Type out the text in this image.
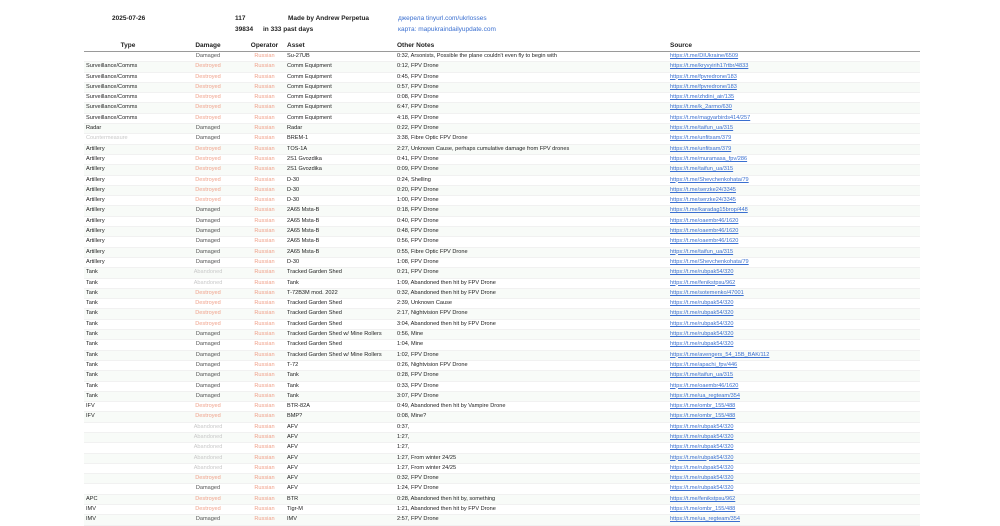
2025-07-26	117
39834 in 333 past days
Made by Andrew Perpetua	джерела tinyurl.com/ukrlosses
карта: mapukraindailyupdate.com
Type	Damage	Operator	Asset	Other Notes	Source
	Damaged	Russian	Su-27UB	0:32, Arsonists, Possible the plane couldn't even fly to begin with	https://t.me/DIUkraine/6509
Surveillance/Comms	Destroyed	Russian	Comm Equipment	0:12, FPV Drone	https://t.me/kryvyirih17rtbr/4833
Surveillance/Comms	Destroyed	Russian	Comm Equipment	0:45, FPV Drone	https://t.me/fpvredrone/183
Surveillance/Comms	Destroyed	Russian	Comm Equipment	0:57, FPV Drone	https://t.me/fpvredrone/183
Surveillance/Comms	Destroyed	Russian	Comm Equipment	0:08, FPV Drone	https://t.me/zhdini_air/135
Surveillance/Comms	Destroyed	Russian	Comm Equipment	6:47, FPV Drone	https://t.me/k_2armo/630
Surveillance/Comms	Destroyed	Russian	Comm Equipment	4:18, FPV Drone	https://t.me/magyarbirds414/257
Radar	Damaged	Russian	Radar	0:22, FPV Drone	https://t.me/taifun_ua/315
Countermeasure	Damaged	Russian	BREM-1	3:38, Fibre Optic FPV Drone	https://t.me/unfitsam/379
Artillery	Destroyed	Russian	TOS-1A	2:27, Unknown Cause, perhaps cumulative damage from FPV drones	https://t.me/unfitsam/379
Artillery	Destroyed	Russian	2S1 Gvozdika	0:41, FPV Drone	https://t.me/muramasa_fpv/286
Artillery	Destroyed	Russian	2S1 Gvozdika	0:09, FPV Drone	https://t.me/taifun_ua/315
Artillery	Destroyed	Russian	D-30	0:24, Shelling	https://t.me/Shevchenkohata/79
Artillery	Destroyed	Russian	D-30	0:20, FPV Drone	https://t.me/serzke24/3345
Artillery	Destroyed	Russian	D-30	1:00, FPV Drone	https://t.me/serzke24/3345
Artillery	Damaged	Russian	2A65 Msta-B	0:18, FPV Drone	https://t.me/karadag15brop/448
Artillery	Damaged	Russian	2A65 Msta-B	0:40, FPV Drone	https://t.me/oaembr46/1620
Artillery	Damaged	Russian	2A65 Msta-B	0:48, FPV Drone	https://t.me/oaembr46/1620
Artillery	Damaged	Russian	2A65 Msta-B	0:56, FPV Drone	https://t.me/oaembr46/1620
Artillery	Damaged	Russian	2A65 Msta-B	0:55, Fibre Optic FPV Drone	https://t.me/taifun_ua/315
Artillery	Damaged	Russian	D-30	1:08, FPV Drone	https://t.me/Shevchenkohata/79
Tank	Abandoned	Russian	Tracked Garden Shed	0:21, FPV Drone	https://t.me/rubpak54/320
Tank	Abandoned	Russian	Tank	1:09, Abandoned then hit by FPV Drone	https://t.me/fenikstpsu/962
Tank	Destroyed	Russian	T-72B3M mod. 2022	0:32, Abandoned then hit by FPV Drone	https://t.me/sotemenko/47001
Tank	Destroyed	Russian	Tracked Garden Shed	2:39, Unknown Cause	https://t.me/rubpak54/320
Tank	Destroyed	Russian	Tracked Garden Shed	2:17, Nightvision FPV Drone	https://t.me/rubpak54/320
Tank	Destroyed	Russian	Tracked Garden Shed	3:04, Abandoned then hit by FPV Drone	https://t.me/rubpak54/320
Tank	Damaged	Russian	Tracked Garden Shed w/ Mine Rollers	0:56, Mine	https://t.me/rubpak54/320
Tank	Damaged	Russian	Tracked Garden Shed	1:04, Mine	https://t.me/rubpak54/320
Tank	Damaged	Russian	Tracked Garden Shed w/ Mine Rollers	1:02, FPV Drone	https://t.me/avengers_54_15B_BAK/112
Tank	Damaged	Russian	T-72	0:26, Nightvision FPV Drone	https://t.me/apachi_fpv/446
Tank	Damaged	Russian	Tank	0:28, FPV Drone	https://t.me/taifun_ua/315
Tank	Damaged	Russian	Tank	0:33, FPV Drone	https://t.me/oaembr46/1620
Tank	Damaged	Russian	Tank	3:07, FPV Drone	https://t.me/ua_regteam/354
IFV	Destroyed	Russian	BTR-82A	0:49, Abandoned then hit by Vampire Drone	https://t.me/ombr_155/488
IFV	Destroyed	Russian	BMP?	0:08, Mine?	https://t.me/ombr_155/488
	Abandoned	Russian	AFV	0:37,	https://t.me/rubpak54/320
	Abandoned	Russian	AFV	1:27,	https://t.me/rubpak54/320
	Abandoned	Russian	AFV	1:27,	https://t.me/rubpak54/320
	Abandoned	Russian	AFV	1:27, From winter 24/25	https://t.me/rubpak54/320
	Abandoned	Russian	AFV	1:27, From winter 24/25	https://t.me/rubpak54/320
	Destroyed	Russian	AFV	0:32, FPV Drone	https://t.me/rubpak54/320
	Damaged	Russian	AFV	1:24, FPV Drone	https://t.me/rubpak54/320
APC	Destroyed	Russian	BTR	0:28, Abandoned then hit by, something	https://t.me/fenikstpsu/962
IMV	Destroyed	Russian	Tigr-M	1:21, Abandoned then hit by FPV Drone	https://t.me/ombr_155/488
IMV	Damaged	Russian	IMV	2:57, FPV Drone	https://t.me/ua_regteam/354
